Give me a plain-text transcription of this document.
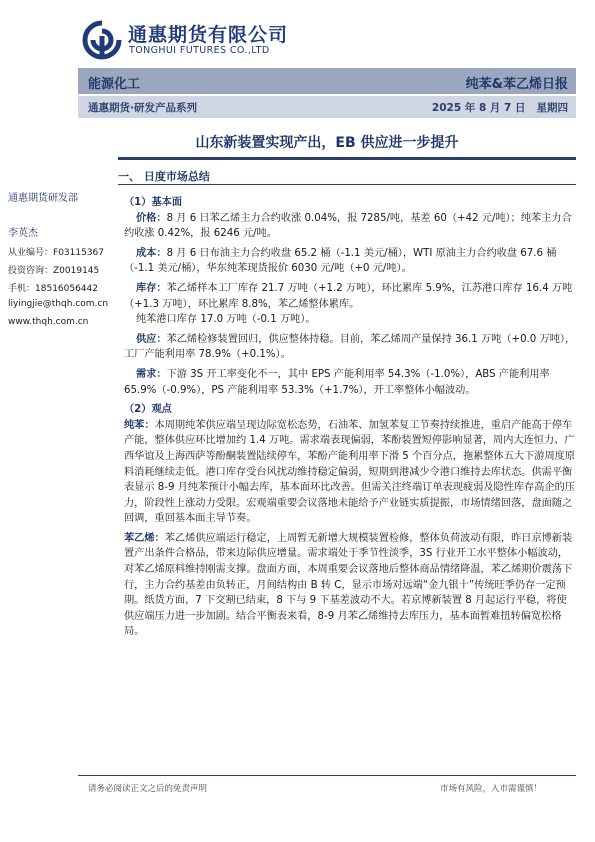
通惠期货有限公司
TONGHUI FUTURES CO.,LTD
能源化工	纯苯&苯乙烯日报
通惠期货·研发产品系列	2025 年 8 月 7 日 星期四
山东新装置实现产出，EB 供应进一步提升
一、 日度市场总结
通惠期货研发部
李英杰
从业编号：F03115367
投资咨询：Z0019145
手机：18516056442
liyingjie@thqh.com.cn
www.thqh.com.cn

（1）基本面

价格：8 月 6 日苯乙烯主力合约收涨 0.04%，报 7285/吨，基差 60（+42 元/吨）；纯苯主力合约收涨 0.42%，报 6246 元/吨。

成本：8 月 6 日布油主力合约收盘 65.2 桶（-1.1 美元/桶），WTI 原油主力合约收盘 67.6 桶（-1.1 美元/桶），华东纯苯现货报价 6030 元/吨（+0 元/吨）。

库存：苯乙烯样本工厂库存 21.7 万吨（+1.2 万吨），环比累库 5.9%，江苏港口库存 16.4 万吨（+1.3 万吨），环比累库 8.8%，苯乙烯整体累库。

纯苯港口库存 17.0 万吨（-0.1 万吨）。

供应：苯乙烯检修装置回归，供应整体持稳。目前，苯乙烯周产量保持 36.1 万吨（+0.0 万吨），工厂产能利用率 78.9%（+0.1%）。

需求：下游 3S 开工率变化不一，其中 EPS 产能利用率 54.3%（-1.0%），ABS 产能利用率 65.9%（-0.9%），PS 产能利用率 53.3%（+1.7%），开工率整体小幅波动。

（2）观点

纯苯：本周期纯苯供应端呈现边际宽松态势，石油苯、加氢苯复工节奏持续推进，重启产能高于停车产能，整体供应环比增加约 1.4 万吨。需求端表现偏弱，苯酚装置短停影响显著，周内大连恒力、广西华谊及上海西萨等酚酮装置陆续停车，苯酚产能利用率下滑 5 个百分点，拖累整体五大下游周度原料消耗继续走低。港口库存受台风扰动维持稳定偏弱，短期到港减少令港口维持去库状态。供需平衡表显示 8-9 月纯苯预计小幅去库，基本面环比改善。但需关注终端订单表现疲弱及隐性库存高企的压力，阶段性上涨动力受限。宏观端重要会议落地未能给予产业链实质提振，市场情绪回落，盘面随之回调，重回基本面主导节奏。

苯乙烯：苯乙烯供应端运行稳定，上周暂无新增大规模装置检修，整体负荷波动有限，昨日京博新装置产出条件合格品，带来边际供应增量。需求端处于季节性淡季，3S 行业开工水平整体小幅波动，对苯乙烯原料维持刚需支撑。盘面方面，本周重要会议落地后整体商品情绪降温，苯乙烯期价震荡下行，主力合约基差由负转正，月间结构由 B 转 C，显示市场对远端“金九银十”传统旺季仍存一定预期。纸货方面，7 下交割已结束，8 下与 9 下基差波动不大。若京博新装置 8 月起运行平稳，将使供应端压力进一步加剧。结合平衡表来看，8-9 月苯乙烯维持去库压力，基本面暂难扭转偏宽松格局。

请务必阅读正文之后的免责声明	市场有风险，入市需谨慎！
